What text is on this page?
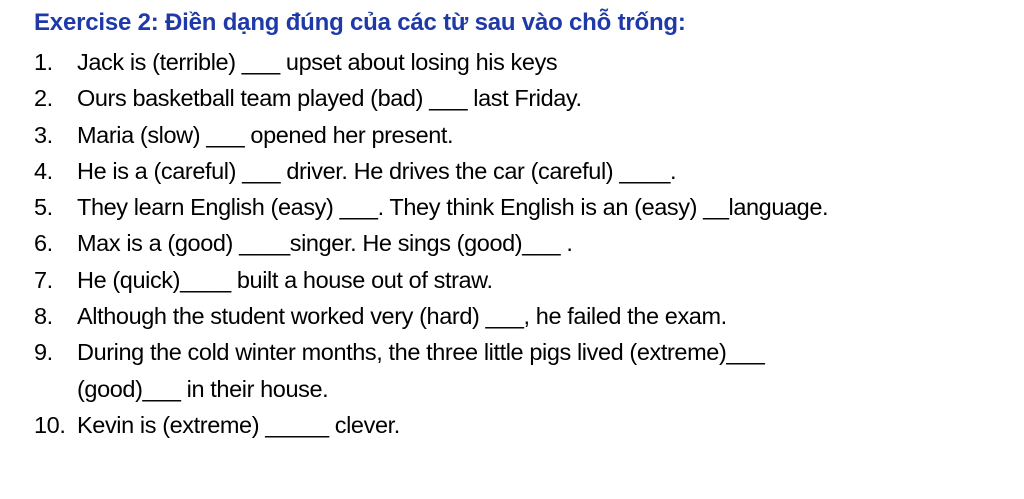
Exercise 2: Điền dạng đúng của các từ sau vào chỗ trống:
1.	Jack is (terrible) ___ upset about losing his keys
2.	Ours basketball team played (bad) ___ last Friday.
3.	Maria (slow) ___ opened her present.
4.	He is a (careful) ___ driver. He drives the car (careful) ____.
5.	They learn English (easy) ___. They think English is an (easy) __language.
6.	Max is a (good) ____singer. He sings (good)___ .
7.	He (quick)____ built a house out of straw.
8.	Although the student worked very (hard) ___, he failed the exam.
9.	During the cold winter months, the three little pigs lived (extreme)___
(good)___ in their house.
10. Kevin is (extreme) _____ clever.
